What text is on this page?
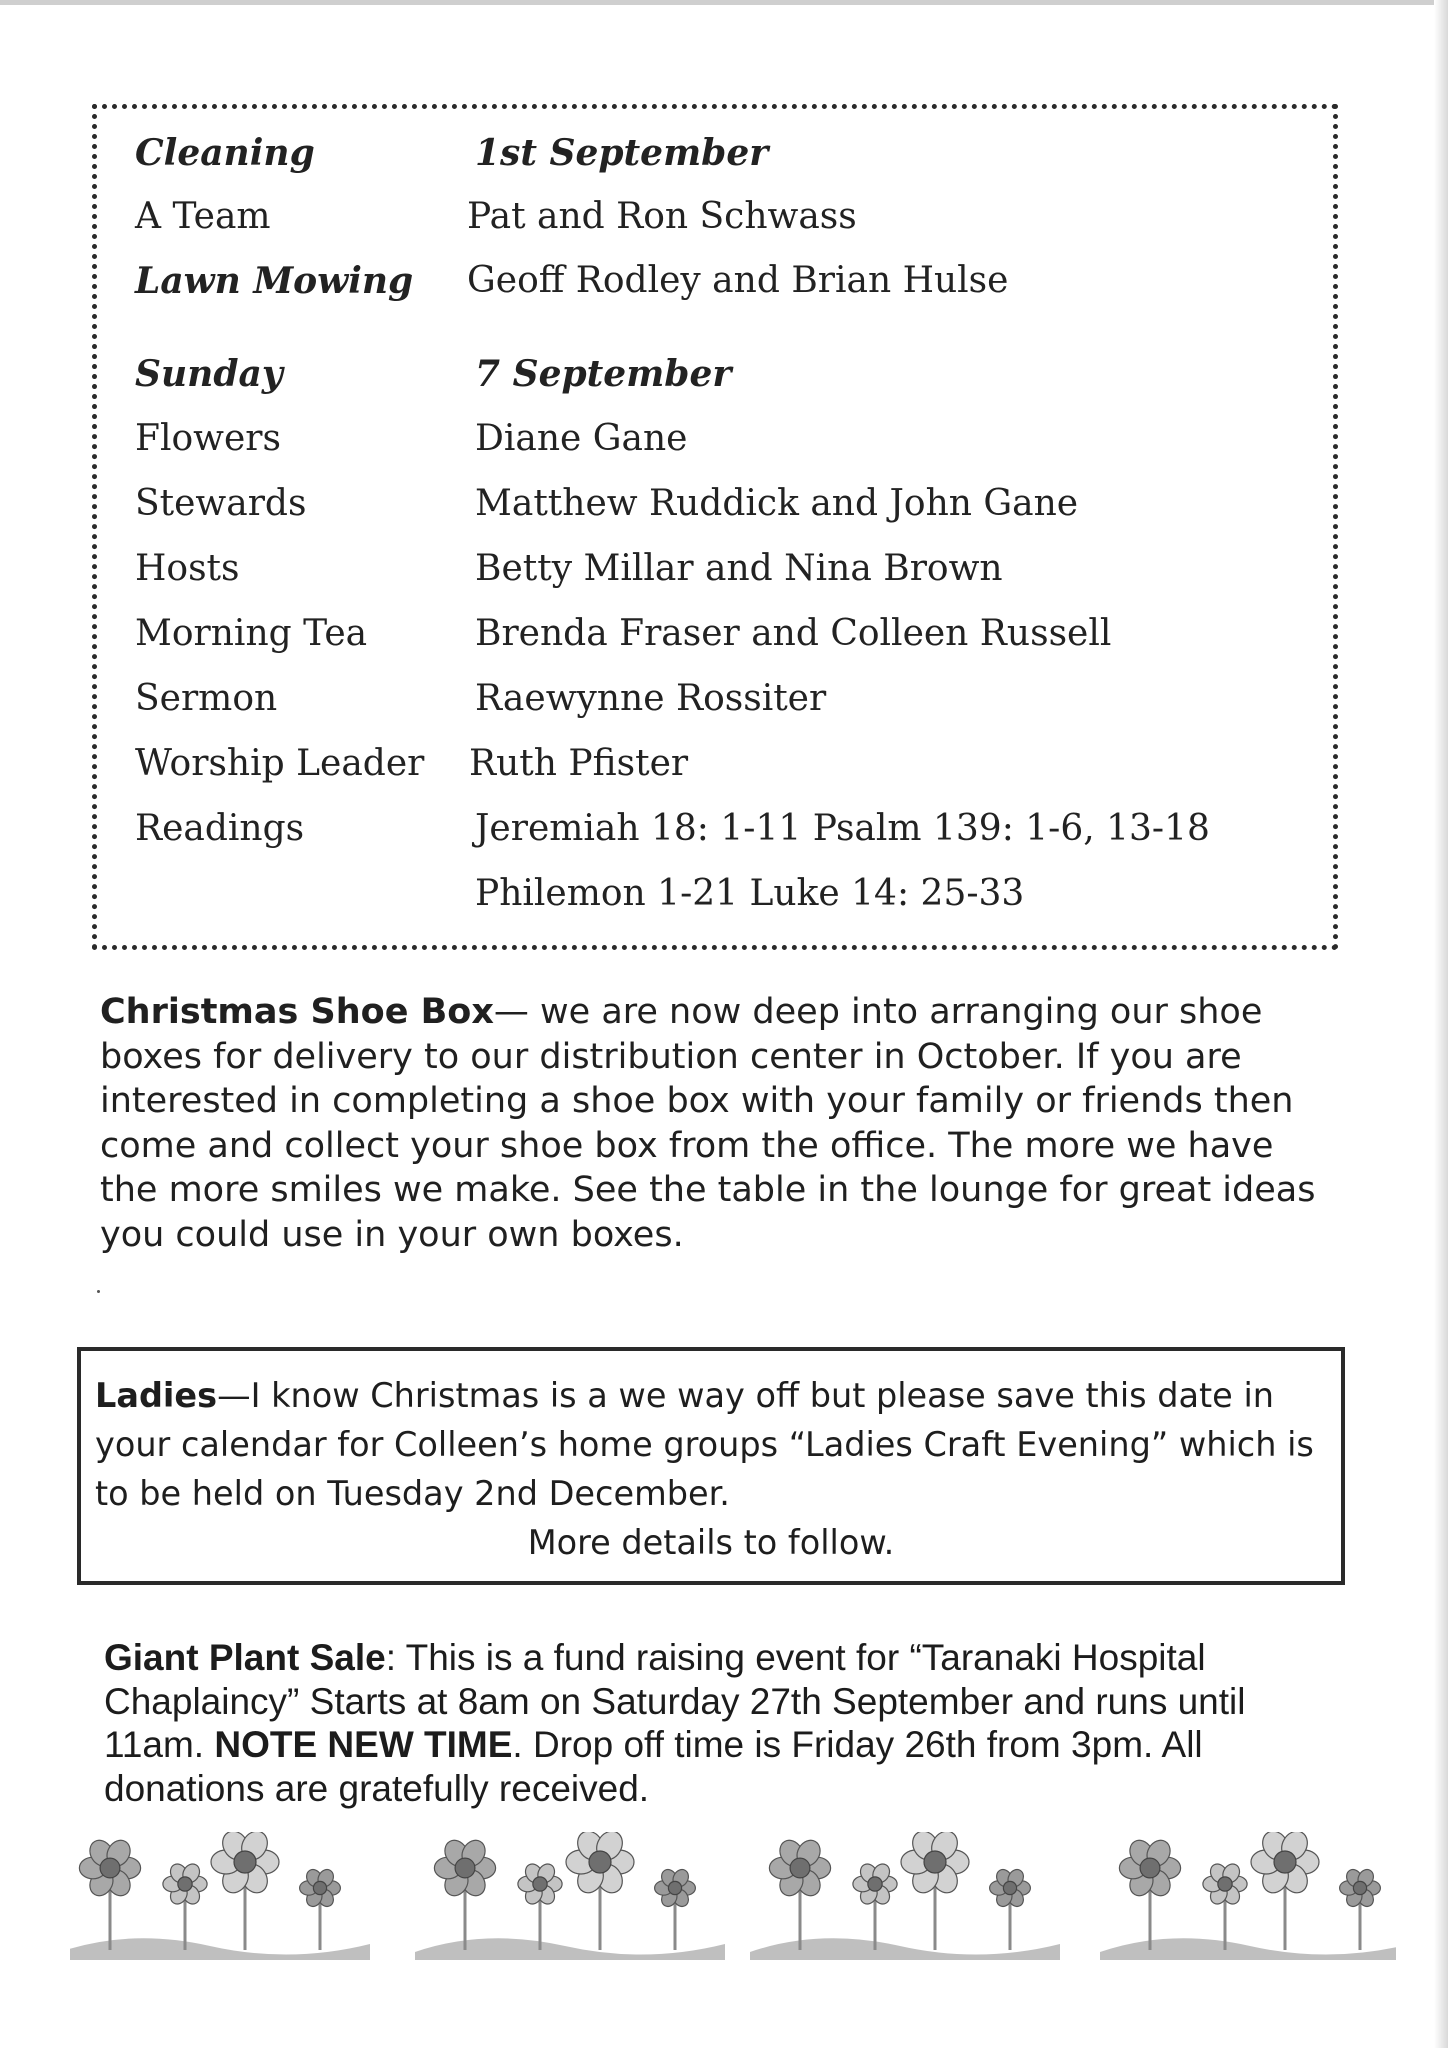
Cleaning	1st September
A Team	Pat and Ron Schwass
Lawn Mowing Geoff Rodley and Brian Hulse
Sunday	7 September
Flowers	Diane Gane
Stewards	Matthew Ruddick and John Gane
Hosts	Betty Millar and Nina Brown
Morning Tea	Brenda Fraser and Colleen Russell
Sermon	Raewynne Rossiter
Worship Leader Ruth Pfister
Readings	Jeremiah 18: 1-11 Psalm 139: 1-6, 13-18
Philemon 1-21 Luke 14: 25-33
Christmas Shoe Box— we are now deep into arranging our shoe boxes for delivery to our distribution center in October. If you are interested in completing a shoe box with your family or friends then come and collect your shoe box from the office. The more we have the more smiles we make. See the table in the lounge for great ideas you could use in your own boxes.
Ladies—I know Christmas is a we way off but please save this date in your calendar for Colleen’s home groups “Ladies Craft Evening” which is to be held on Tuesday 2nd December.
More details to follow.
Giant Plant Sale: This is a fund raising event for “Taranaki Hospital Chaplaincy” Starts at 8am on Saturday 27th September and runs until 11am. NOTE NEW TIME. Drop off time is Friday 26th from 3pm. All donations are gratefully received.
